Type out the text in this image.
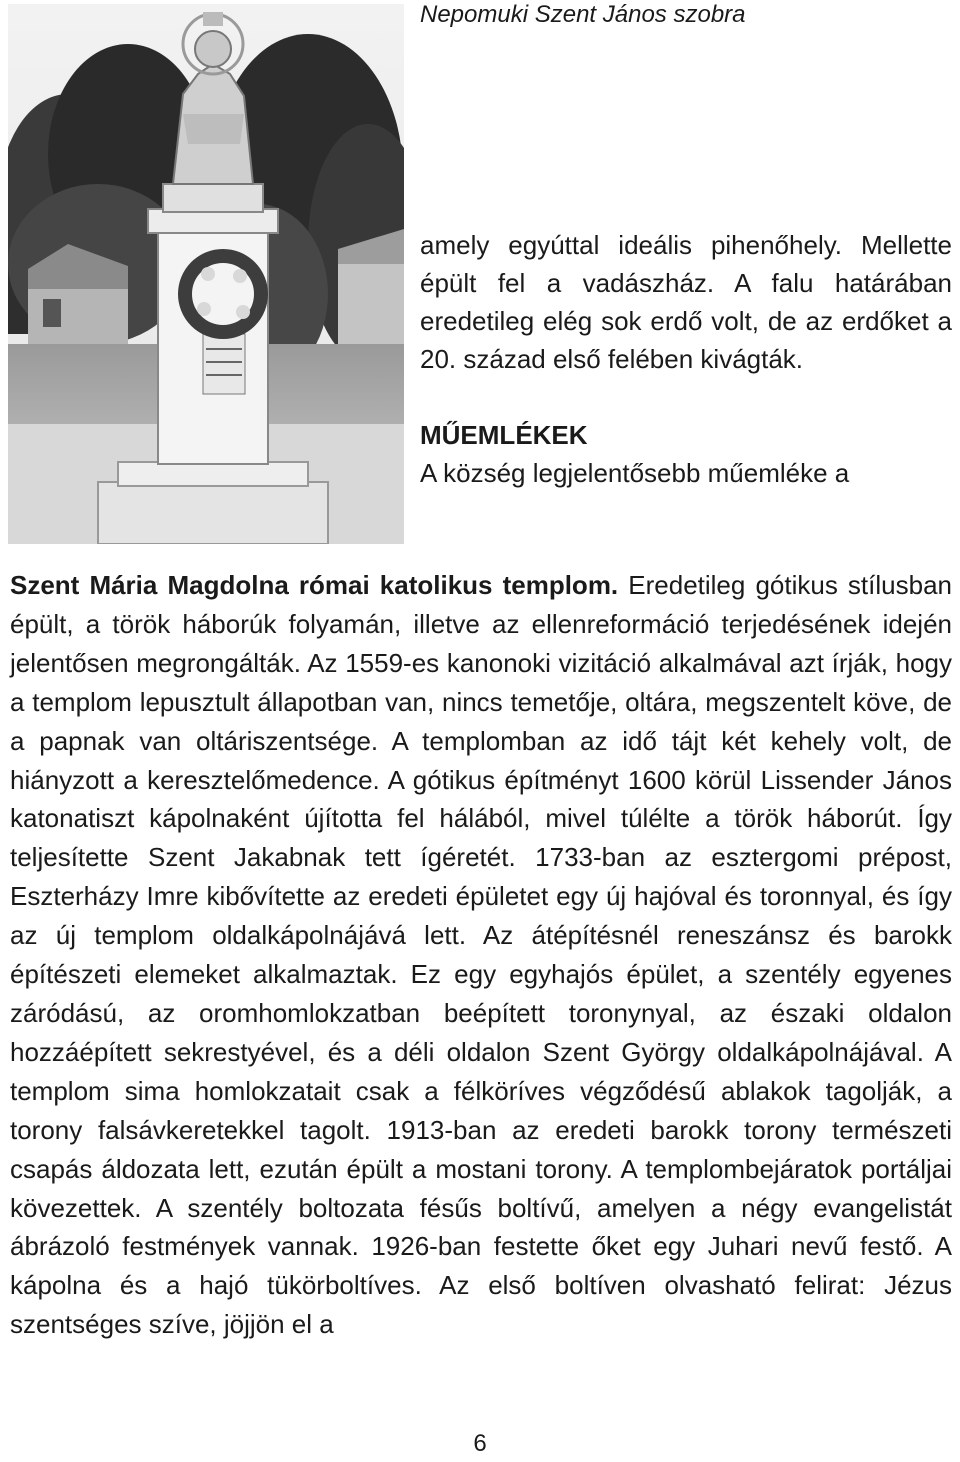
Nepomuki Szent János szobra

amely egyúttal ideális pihenőhely. Mellette épült fel a vadászház. A falu határában eredetileg elég sok erdő volt, de az erdőket a 20. század első felében kivágták.

MŰEMLÉKEK

A község legjelentősebb műemléke a

Szent Mária Magdolna római katolikus templom. Eredetileg gótikus stílusban épült, a török háborúk folyamán, illetve az ellenreformáció terjedésének idején jelentősen megrongálták. Az 1559-es kanonoki vizitáció alkalmával azt írják, hogy a templom lepusztult állapotban van, nincs temetője, oltára, megszentelt köve, de a papnak van oltáriszentsége. A templomban az idő tájt két kehely volt, de hiányzott a keresztelőmedence. A gótikus építményt 1600 körül Lissender János katonatiszt kápolnaként újította fel hálából, mivel túlélte a török háborút. Így teljesítette Szent Jakabnak tett ígéretét. 1733-ban az esztergomi prépost, Eszterházy Imre kibővítette az eredeti épületet egy új hajóval és toronnyal, és így az új templom oldalkápolnájává lett. Az átépítésnél reneszánsz és barokk építészeti elemeket alkalmaztak. Ez egy egyhajós épület, a szentély egyenes záródású, az oromhomlokzatban beépített toronynyal, az északi oldalon hozzáépített sekrestyével, és a déli oldalon Szent György oldalkápolnájával. A templom sima homlokzatait csak a félköríves végződésű ablakok tagolják, a torony falsávkeretekkel tagolt. 1913-ban az eredeti barokk torony természeti csapás áldozata lett, ezután épült a mostani torony. A templombejáratok portáljai kövezettek. A szentély boltozata fésűs boltívű, amelyen a négy evangelistát ábrázoló festmények vannak. 1926-ban festette őket egy Juhari nevű festő. A kápolna és a hajó tükörboltíves. Az első boltíven olvasható felirat: Jézus szentséges szíve, jöjjön el a
6
